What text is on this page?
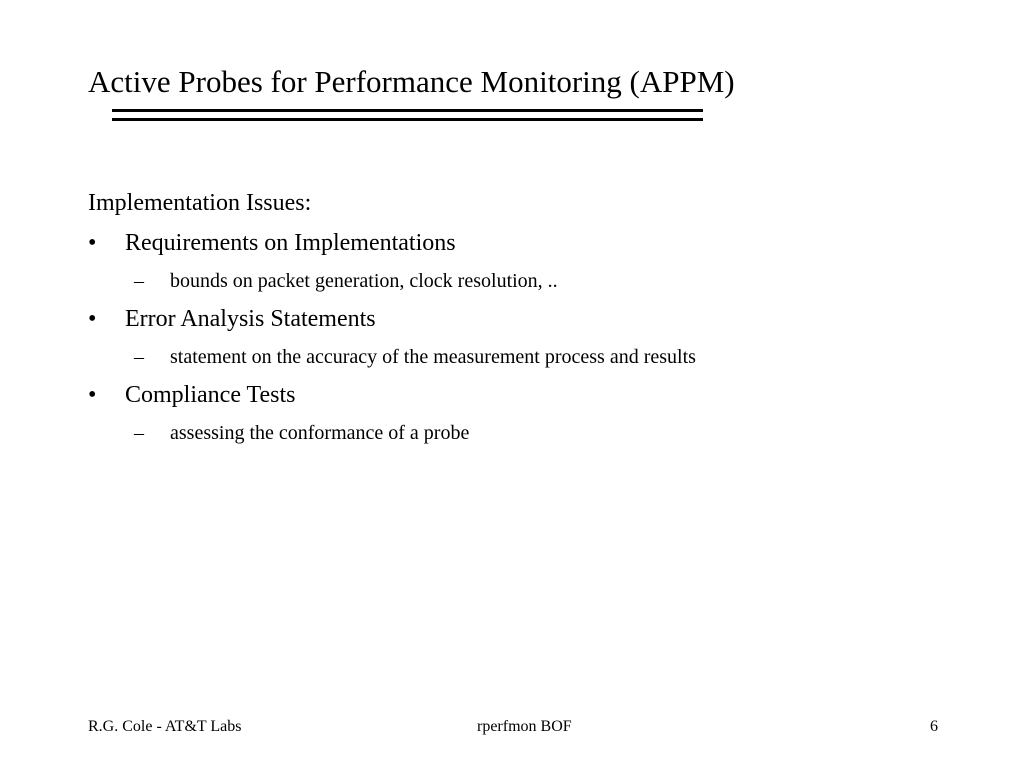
Active Probes for Performance Monitoring (APPM)
Implementation Issues:
• Requirements on Implementations
– bounds on packet generation, clock resolution, ..
• Error Analysis Statements
– statement on the accuracy of the measurement process and results
• Compliance Tests
– assessing the conformance of a probe
R.G. Cole - AT&T Labs	rperfmon BOF	6
